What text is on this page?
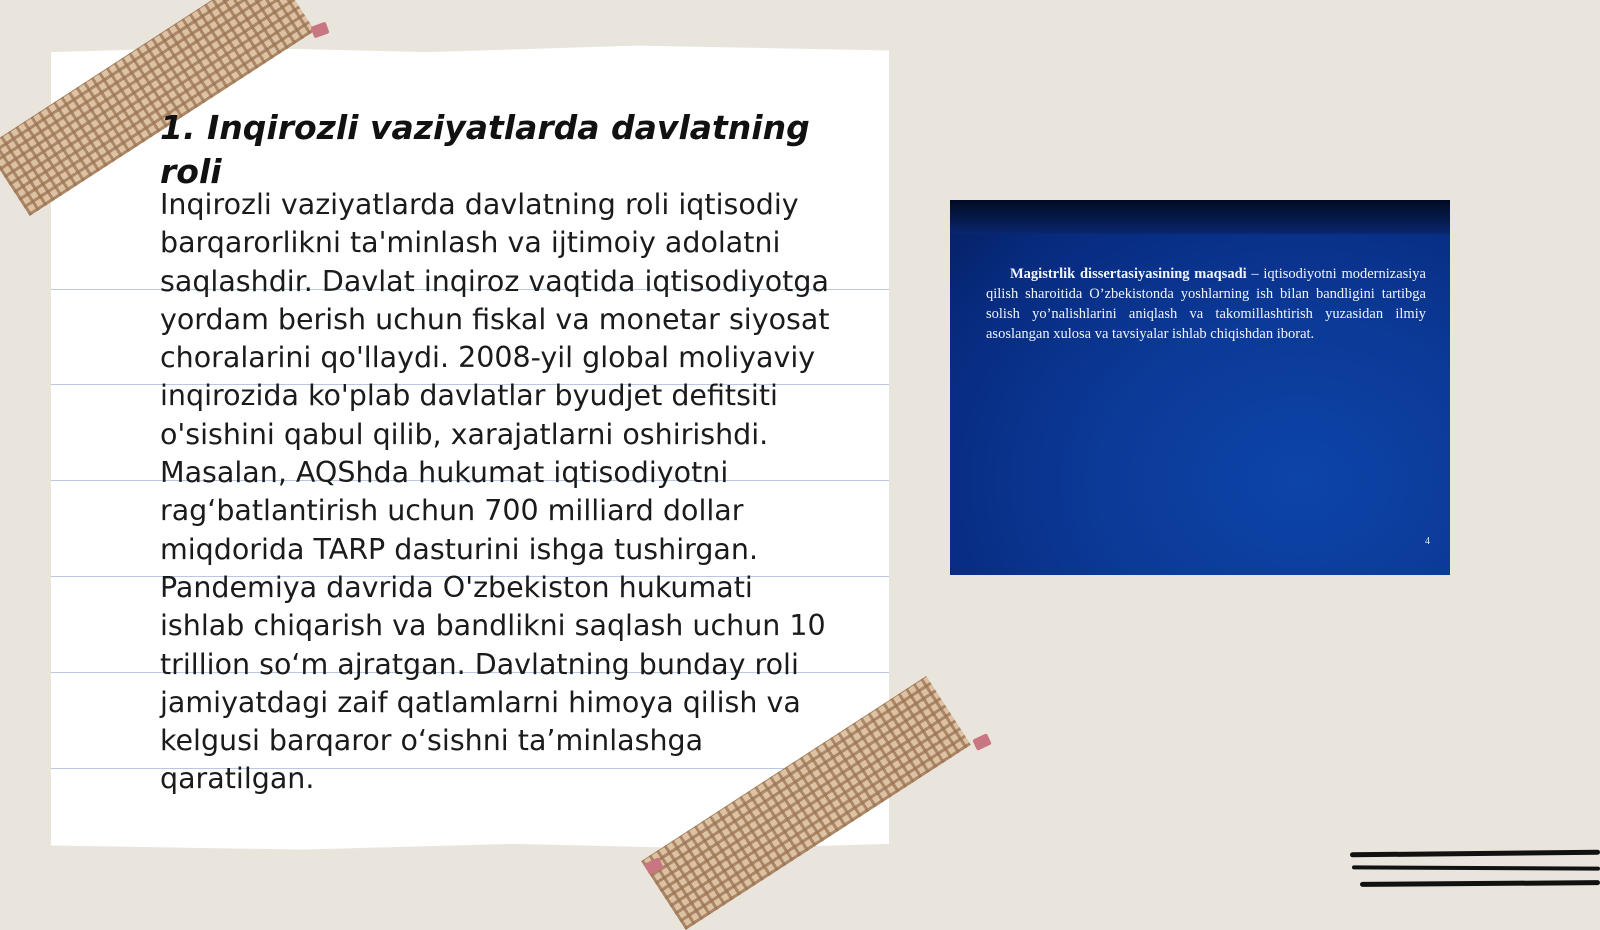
1. Inqirozli vaziyatlarda davlatning roli

Inqirozli vaziyatlarda davlatning roli iqtisodiy barqarorlikni ta'minlash va ijtimoiy adolatni saqlashdir. Davlat inqiroz vaqtida iqtisodiyotga yordam berish uchun fiskal va monetar siyosat choralarini qo'llaydi. 2008-yil global moliyaviy inqirozida ko'plab davlatlar byudjet defitsiti o'sishini qabul qilib, xarajatlarni oshirishdi. Masalan, AQShda hukumat iqtisodiyotni rag‘batlantirish uchun 700 milliard dollar miqdorida TARP dasturini ishga tushirgan. Pandemiya davrida O'zbekiston hukumati ishlab chiqarish va bandlikni saqlash uchun 10 trillion so‘m ajratgan. Davlatning bunday roli jamiyatdagi zaif qatlamlarni himoya qilish va kelgusi barqaror o‘sishni ta’minlashga qaratilgan.

Magistrlik dissertasiyasining maqsadi – iqtisodiyotni modernizasiya qilish sharoitida O’zbekistonda yoshlarning ish bilan bandligini tartibga solish yo’nalishlarini aniqlash va takomillashtirish yuzasidan ilmiy asoslangan xulosa va tavsiyalar ishlab chiqishdan iborat.

4
